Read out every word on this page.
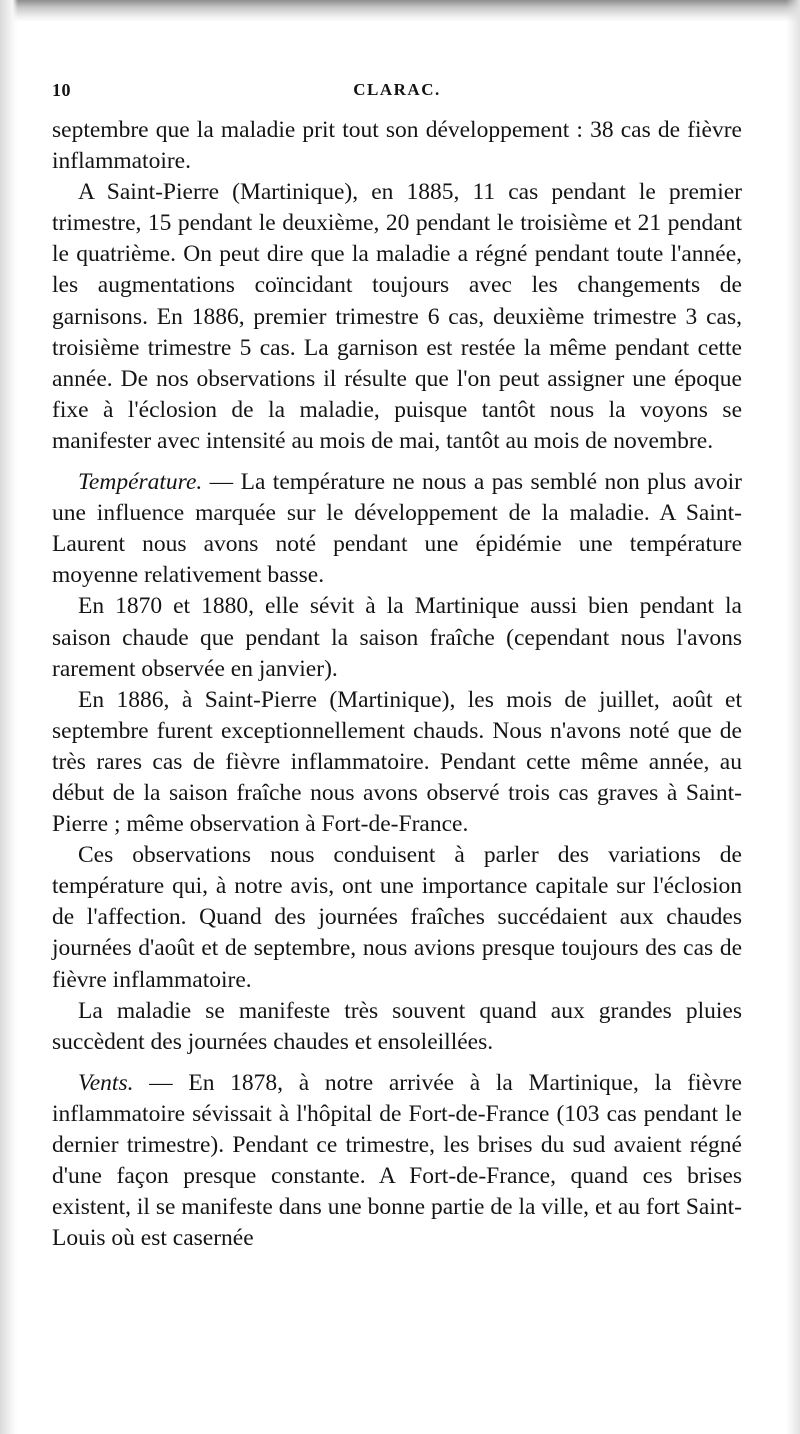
10	CLARAC.

septembre que la maladie prit tout son développement : 38 cas de fièvre inflammatoire.

A Saint-Pierre (Martinique), en 1885, 11 cas pendant le premier trimestre, 15 pendant le deuxième, 20 pendant le troisième et 21 pendant le quatrième. On peut dire que la maladie a régné pendant toute l'année, les augmentations coïncidant toujours avec les changements de garnisons. En 1886, premier trimestre 6 cas, deuxième trimestre 3 cas, troisième trimestre 5 cas. La garnison est restée la même pendant cette année. De nos observations il résulte que l'on peut assigner une époque fixe à l'éclosion de la maladie, puisque tantôt nous la voyons se manifester avec intensité au mois de mai, tantôt au mois de novembre.

Température. — La température ne nous a pas semblé non plus avoir une influence marquée sur le développement de la maladie. A Saint-Laurent nous avons noté pendant une épidémie une température moyenne relativement basse.

En 1870 et 1880, elle sévit à la Martinique aussi bien pendant la saison chaude que pendant la saison fraîche (cependant nous l'avons rarement observée en janvier).

En 1886, à Saint-Pierre (Martinique), les mois de juillet, août et septembre furent exceptionnellement chauds. Nous n'avons noté que de très rares cas de fièvre inflammatoire. Pendant cette même année, au début de la saison fraîche nous avons observé trois cas graves à Saint-Pierre ; même observation à Fort-de-France.

Ces observations nous conduisent à parler des variations de température qui, à notre avis, ont une importance capitale sur l'éclosion de l'affection. Quand des journées fraîches succédaient aux chaudes journées d'août et de septembre, nous avions presque toujours des cas de fièvre inflammatoire.

La maladie se manifeste très souvent quand aux grandes pluies succèdent des journées chaudes et ensoleillées.

Vents. — En 1878, à notre arrivée à la Martinique, la fièvre inflammatoire sévissait à l'hôpital de Fort-de-France (103 cas pendant le dernier trimestre). Pendant ce trimestre, les brises du sud avaient régné d'une façon presque constante. A Fort-de-France, quand ces brises existent, il se manifeste dans une bonne partie de la ville, et au fort Saint-Louis où est casernée
